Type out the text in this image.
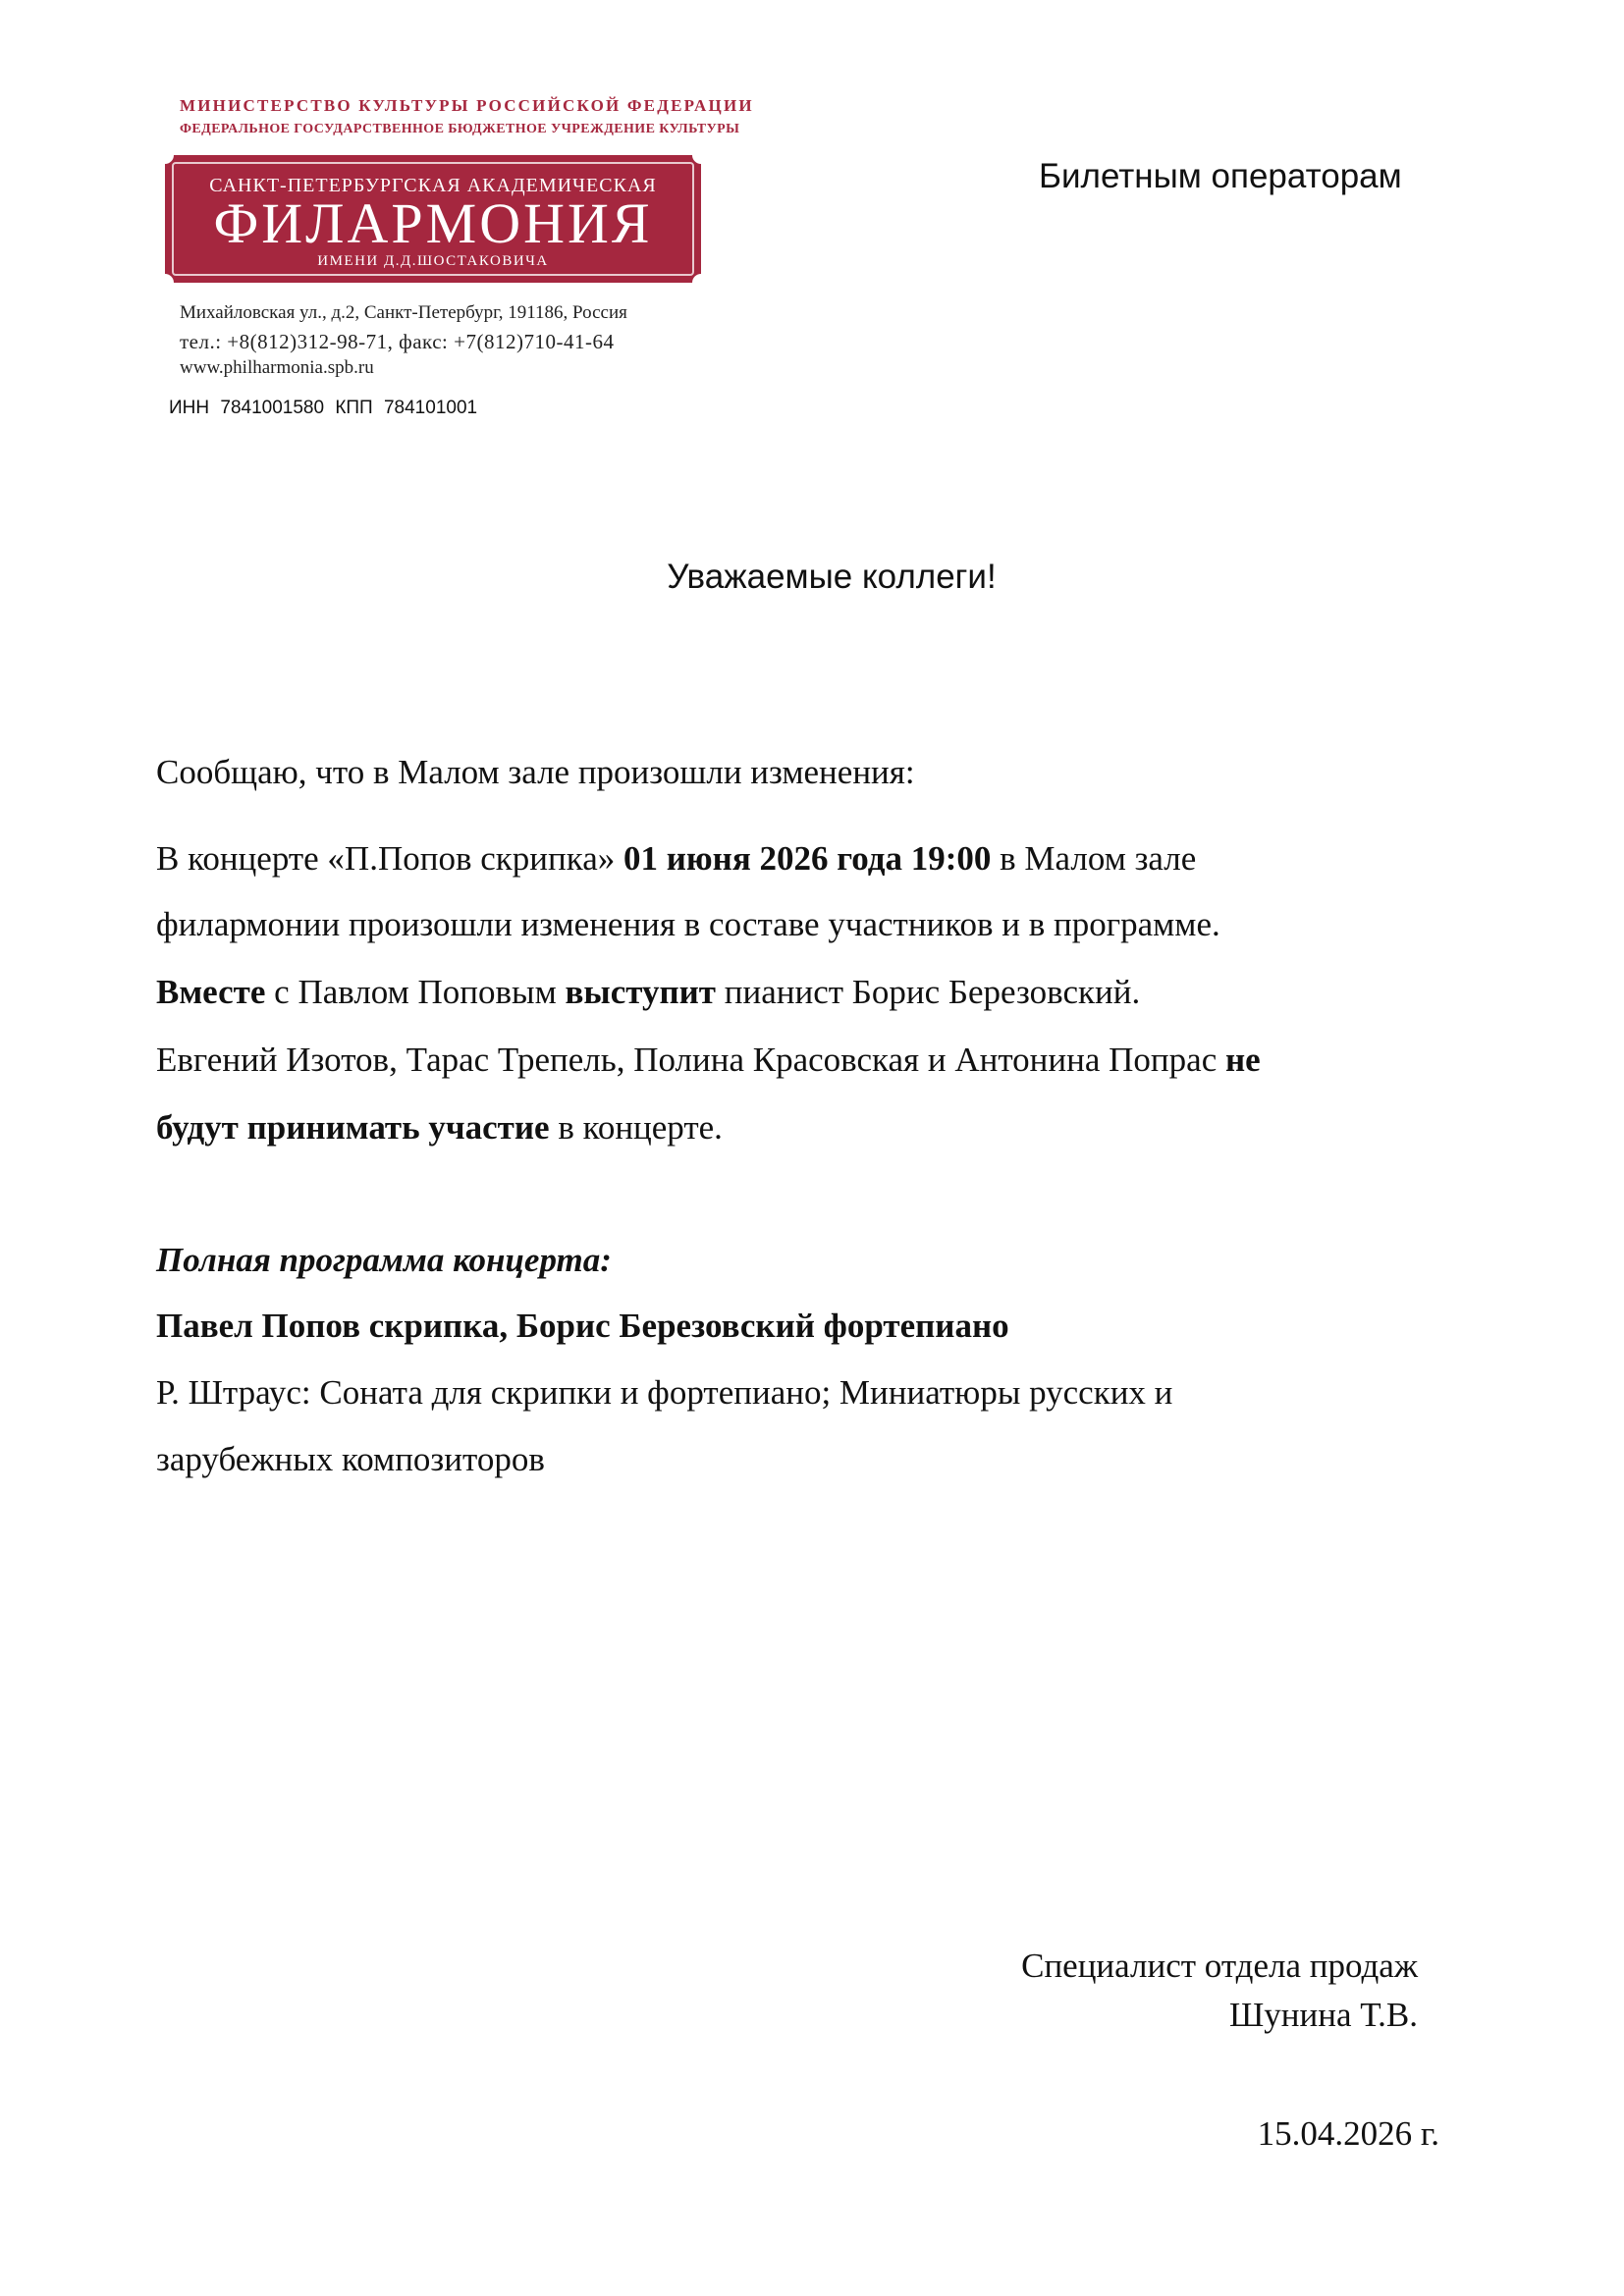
МИНИСТЕРСТВО КУЛЬТУРЫ РОССИЙСКОЙ ФЕДЕРАЦИИ
ФЕДЕРАЛЬНОЕ ГОСУДАРСТВЕННОЕ БЮДЖЕТНОЕ УЧРЕЖДЕНИЕ КУЛЬТУРЫ
САНКТ-ПЕТЕРБУРГСКАЯ АКАДЕМИЧЕСКАЯ
ФИЛАРМОНИЯ
ИМЕНИ Д.Д.ШОСТАКОВИЧА
Михайловская ул., д.2, Санкт-Петербург, 191186, Россия
тел.: +8(812)312-98-71, факс: +7(812)710-41-64
www.philharmonia.spb.ru
ИНН 7841001580 КПП 784101001
Билетным операторам
Уважаемые коллеги!
Сообщаю, что в Малом зале произошли изменения:
В концерте «П.Попов скрипка» 01 июня 2026 года 19:00 в Малом зале
филармонии произошли изменения в составе участников и в программе.
Вместе с Павлом Поповым выступит пианист Борис Березовский.
Евгений Изотов, Тарас Трепель, Полина Красовская и Антонина Попрас не
будут принимать участие в концерте.
Полная программа концерта:
Павел Попов скрипка, Борис Березовский фортепиано
Р. Штраус: Соната для скрипки и фортепиано; Миниатюры русских и
зарубежных композиторов
Специалист отдела продаж
Шунина Т.В.
15.04.2026 г.
